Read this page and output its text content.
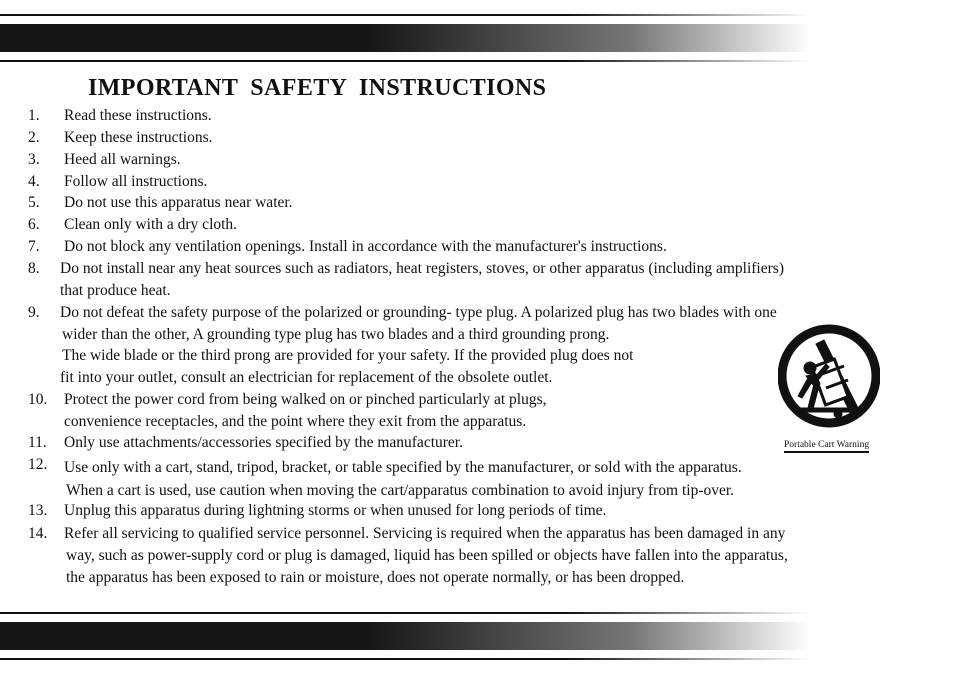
IMPORTANT SAFETY INSTRUCTIONS
1. Read these instructions.
2. Keep these instructions.
3. Heed all warnings.
4. Follow all instructions.
5. Do not use this apparatus near water.
6. Clean only with a dry cloth.
7. Do not block any ventilation openings. Install in accordance with the manufacturer's instructions.
8. Do not install near any heat sources such as radiators, heat registers, stoves, or other apparatus (including amplifiers)
that produce heat.
9. Do not defeat the safety purpose of the polarized or grounding- type plug. A polarized plug has two blades with one
wider than the other, A grounding type plug has two blades and a third grounding prong.
The wide blade or the third prong are provided for your safety. If the provided plug does not
fit into your outlet, consult an electrician for replacement of the obsolete outlet.
10. Protect the power cord from being walked on or pinched particularly at plugs,
convenience receptacles, and the point where they exit from the apparatus.
11. Only use attachments/accessories specified by the manufacturer.
12. Use only with a cart, stand, tripod, bracket, or table specified by the manufacturer, or sold with the apparatus.
When a cart is used, use caution when moving the cart/apparatus combination to avoid injury from tip-over.
13. Unplug this apparatus during lightning storms or when unused for long periods of time.
14. Refer all servicing to qualified service personnel. Servicing is required when the apparatus has been damaged in any
way, such as power-supply cord or plug is damaged, liquid has been spilled or objects have fallen into the apparatus,
the apparatus has been exposed to rain or moisture, does not operate normally, or has been dropped.
Portable Cart Warning
